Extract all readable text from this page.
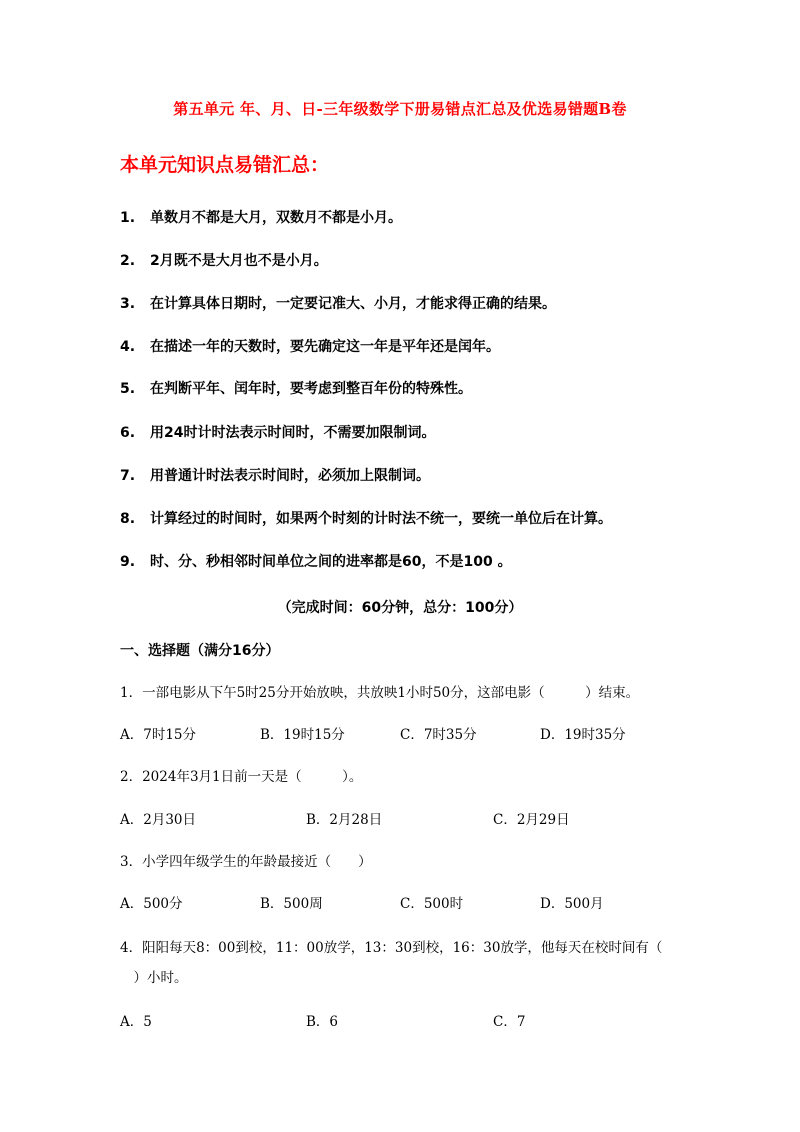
第五单元 年、月、日-三年级数学下册易错点汇总及优选易错题B卷
本单元知识点易错汇总：
1. 单数月不都是大月，双数月不都是小月。
2. 2月既不是大月也不是小月。
3. 在计算具体日期时，一定要记准大、小月，才能求得正确的结果。
4. 在描述一年的天数时，要先确定这一年是平年还是闰年。
5. 在判断平年、闰年时，要考虑到整百年份的特殊性。
6. 用24时计时法表示时间时，不需要加限制词。
7. 用普通计时法表示时间时，必须加上限制词。
8. 计算经过的时间时，如果两个时刻的计时法不统一，要统一单位后在计算。
9. 时、分、秒相邻时间单位之间的进率都是60，不是100 。
（完成时间：60分钟，总分：100分）
一、选择题（满分16分）
1．一部电影从下午5时25分开始放映，共放映1小时50分，这部电影（　　　）结束。
A．7时15分	B．19时15分	C．7时35分	D．19时35分
2．2024年3月1日前一天是（　　　）。
A．2月30日	B．2月28日	C．2月29日
3．小学四年级学生的年龄最接近（　　）
A．500分	B．500周	C．500时	D．500月
4．阳阳每天8：00到校，11：00放学，13：30到校，16：30放学，他每天在校时间有（
　）小时。
A．5	B．6	C．7
